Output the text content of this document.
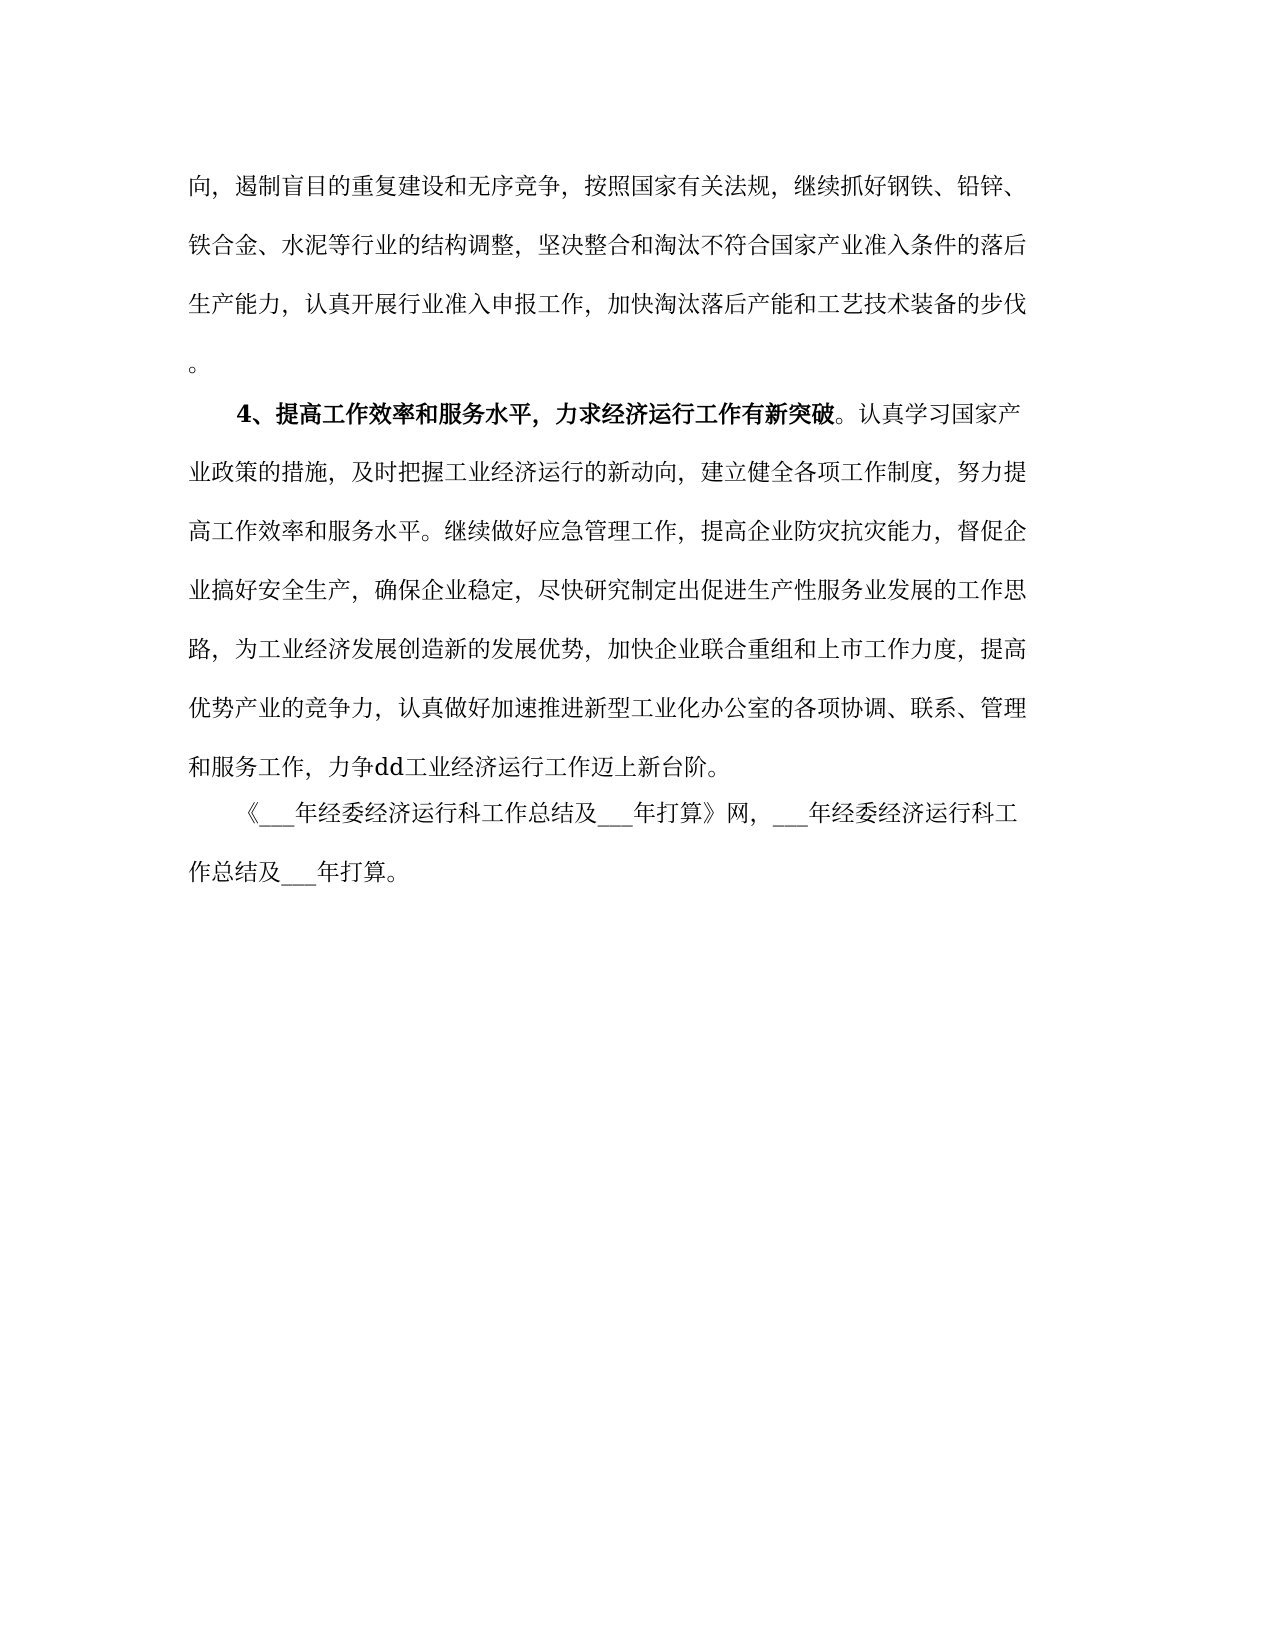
向，遏制盲目的重复建设和无序竞争，按照国家有关法规，继续抓好钢铁、铅锌、
铁合金、水泥等行业的结构调整，坚决整合和淘汰不符合国家产业准入条件的落后
生产能力，认真开展行业准入申报工作，加快淘汰落后产能和工艺技术装备的步伐
。
4、提高工作效率和服务水平，力求经济运行工作有新突破。认真学习国家产
业政策的措施，及时把握工业经济运行的新动向，建立健全各项工作制度，努力提
高工作效率和服务水平。继续做好应急管理工作，提高企业防灾抗灾能力，督促企
业搞好安全生产，确保企业稳定，尽快研究制定出促进生产性服务业发展的工作思
路，为工业经济发展创造新的发展优势，加快企业联合重组和上市工作力度，提高
优势产业的竞争力，认真做好加速推进新型工业化办公室的各项协调、联系、管理
和服务工作，力争dd工业经济运行工作迈上新台阶。
《___年经委经济运行科工作总结及___年打算》网，___年经委经济运行科工
作总结及___年打算。
